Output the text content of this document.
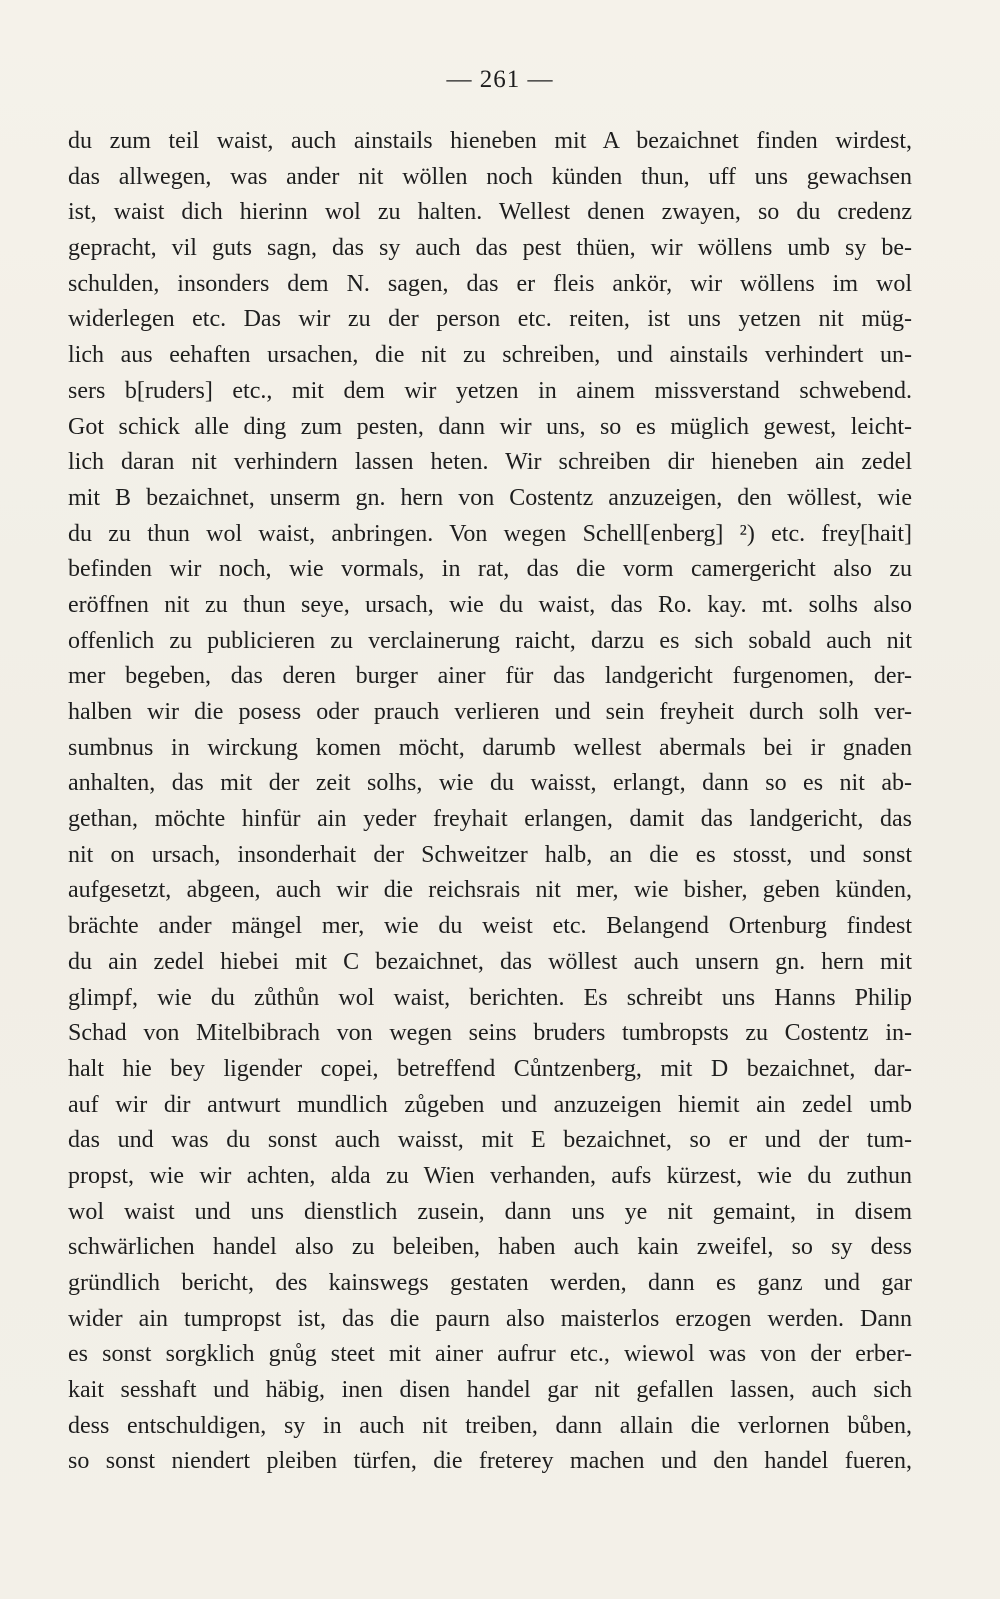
— 261 —
du zum teil waist, auch ainstails hieneben mit A bezaichnet finden wirdest,
das allwegen, was ander nit wöllen noch künden thun, uff uns gewachsen
ist, waist dich hierinn wol zu halten. Wellest denen zwayen, so du credenz
gepracht, vil guts sagn, das sy auch das pest thüen, wir wöllens umb sy be-
schulden, insonders dem N. sagen, das er fleis ankör, wir wöllens im wol
widerlegen etc. Das wir zu der person etc. reiten, ist uns yetzen nit müg-
lich aus eehaften ursachen, die nit zu schreiben, und ainstails verhindert un-
sers b[ruders] etc., mit dem wir yetzen in ainem missverstand schwebend.
Got schick alle ding zum pesten, dann wir uns, so es müglich gewest, leicht-
lich daran nit verhindern lassen heten. Wir schreiben dir hieneben ain zedel
mit B bezaichnet, unserm gn. hern von Costentz anzuzeigen, den wöllest, wie
du zu thun wol waist, anbringen. Von wegen Schell[enberg] ²) etc. frey[hait]
befinden wir noch, wie vormals, in rat, das die vorm camergericht also zu
eröffnen nit zu thun seye, ursach, wie du waist, das Ro. kay. mt. solhs also
offenlich zu publicieren zu verclainerung raicht, darzu es sich sobald auch nit
mer begeben, das deren burger ainer für das landgericht furgenomen, der-
halben wir die posess oder prauch verlieren und sein freyheit durch solh ver-
sumbnus in wirckung komen möcht, darumb wellest abermals bei ir gnaden
anhalten, das mit der zeit solhs, wie du waisst, erlangt, dann so es nit ab-
gethan, möchte hinfür ain yeder freyhait erlangen, damit das landgericht, das
nit on ursach, insonderhait der Schweitzer halb, an die es stosst, und sonst
aufgesetzt, abgeen, auch wir die reichsrais nit mer, wie bisher, geben künden,
brächte ander mängel mer, wie du weist etc. Belangend Ortenburg findest
du ain zedel hiebei mit C bezaichnet, das wöllest auch unsern gn. hern mit
glimpf, wie du zůthůn wol waist, berichten. Es schreibt uns Hanns Philip
Schad von Mitelbibrach von wegen seins bruders tumbropsts zu Costentz in-
halt hie bey ligender copei, betreffend Cůntzenberg, mit D bezaichnet, dar-
auf wir dir antwurt mundlich zůgeben und anzuzeigen hiemit ain zedel umb
das und was du sonst auch waisst, mit E bezaichnet, so er und der tum-
propst, wie wir achten, alda zu Wien verhanden, aufs kürzest, wie du zuthun
wol waist und uns dienstlich zusein, dann uns ye nit gemaint, in disem
schwärlichen handel also zu beleiben, haben auch kain zweifel, so sy dess
gründlich bericht, des kainswegs gestaten werden, dann es ganz und gar
wider ain tumpropst ist, das die paurn also maisterlos erzogen werden. Dann
es sonst sorgklich gnůg steet mit ainer aufrur etc., wiewol was von der erber-
kait sesshaft und häbig, inen disen handel gar nit gefallen lassen, auch sich
dess entschuldigen, sy in auch nit treiben, dann allain die verlornen bůben,
so sonst niendert pleiben türfen, die freterey machen und den handel fueren,
